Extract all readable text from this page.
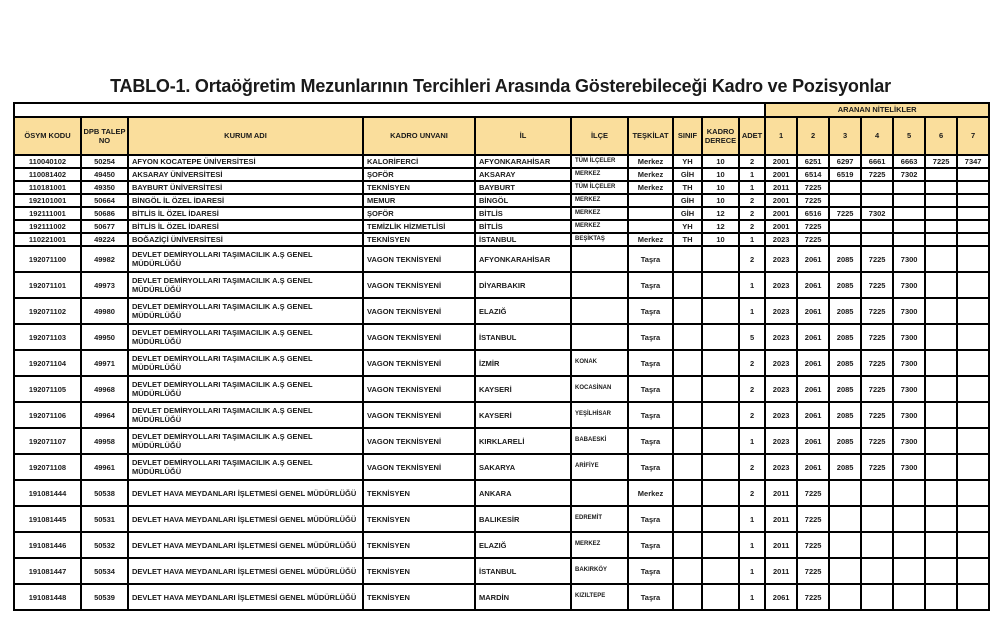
TABLO-1. Ortaöğretim Mezunlarının Tercihleri Arasında Gösterebileceği Kadro ve Pozisyonlar
										ARANAN NİTELİKLER						
ÖSYM KODU	DPB TALEP NO	KURUM ADI	KADRO UNVANI	İL	İLÇE	TEŞKİLAT	SINIF	KADRO DERECE	ADET	1	2	3	4	5	6	7
110040102	50254	AFYON KOCATEPE ÜNİVERSİTESİ	KALORİFERCİ	AFYONKARAHİSAR	TÜM İLÇELER	Merkez	YH	10	2	2001	6251	6297	6661	6663	7225	7347
110081402	49450	AKSARAY ÜNİVERSİTESİ	ŞOFÖR	AKSARAY	MERKEZ	Merkez	GİH	10	1	2001	6514	6519	7225	7302		
110181001	49350	BAYBURT ÜNİVERSİTESİ	TEKNİSYEN	BAYBURT	TÜM İLÇELER	Merkez	TH	10	1	2011	7225					
192101001	50664	BİNGÖL İL ÖZEL İDARESİ	MEMUR	BİNGÖL	MERKEZ		GİH	10	2	2001	7225					
192111001	50686	BİTLİS İL ÖZEL İDARESİ	ŞOFÖR	BİTLİS	MERKEZ		GİH	12	2	2001	6516	7225	7302			
192111002	50677	BİTLİS İL ÖZEL İDARESİ	TEMİZLİK HİZMETLİSİ	BİTLİS	MERKEZ		YH	12	2	2001	7225					
110221001	49224	BOĞAZİÇİ ÜNİVERSİTESİ	TEKNİSYEN	İSTANBUL	BEŞİKTAŞ	Merkez	TH	10	1	2023	7225					
192071100	49982	DEVLET DEMİRYOLLARI TAŞIMACILIK A.Ş GENEL MÜDÜRLÜĞÜ	VAGON TEKNİSYENİ	AFYONKARAHİSAR		Taşra			2	2023	2061	2085	7225	7300		
192071101	49973	DEVLET DEMİRYOLLARI TAŞIMACILIK A.Ş GENEL MÜDÜRLÜĞÜ	VAGON TEKNİSYENİ	DİYARBAKIR		Taşra			1	2023	2061	2085	7225	7300		
192071102	49980	DEVLET DEMİRYOLLARI TAŞIMACILIK A.Ş GENEL MÜDÜRLÜĞÜ	VAGON TEKNİSYENİ	ELAZIĞ		Taşra			1	2023	2061	2085	7225	7300		
192071103	49950	DEVLET DEMİRYOLLARI TAŞIMACILIK A.Ş GENEL MÜDÜRLÜĞÜ	VAGON TEKNİSYENİ	İSTANBUL		Taşra			5	2023	2061	2085	7225	7300		
192071104	49971	DEVLET DEMİRYOLLARI TAŞIMACILIK A.Ş GENEL MÜDÜRLÜĞÜ	VAGON TEKNİSYENİ	İZMİR	KONAK	Taşra			2	2023	2061	2085	7225	7300		
192071105	49968	DEVLET DEMİRYOLLARI TAŞIMACILIK A.Ş GENEL MÜDÜRLÜĞÜ	VAGON TEKNİSYENİ	KAYSERİ	KOCASİNAN	Taşra			2	2023	2061	2085	7225	7300		
192071106	49964	DEVLET DEMİRYOLLARI TAŞIMACILIK A.Ş GENEL MÜDÜRLÜĞÜ	VAGON TEKNİSYENİ	KAYSERİ	YEŞİLHİSAR	Taşra			2	2023	2061	2085	7225	7300		
192071107	49958	DEVLET DEMİRYOLLARI TAŞIMACILIK A.Ş GENEL MÜDÜRLÜĞÜ	VAGON TEKNİSYENİ	KIRKLARELİ	BABAESKİ	Taşra			1	2023	2061	2085	7225	7300		
192071108	49961	DEVLET DEMİRYOLLARI TAŞIMACILIK A.Ş GENEL MÜDÜRLÜĞÜ	VAGON TEKNİSYENİ	SAKARYA	ARİFİYE	Taşra			2	2023	2061	2085	7225	7300		
191081444	50538	DEVLET HAVA MEYDANLARI İŞLETMESİ GENEL MÜDÜRLÜĞÜ	TEKNİSYEN	ANKARA		Merkez			2	2011	7225					
191081445	50531	DEVLET HAVA MEYDANLARI İŞLETMESİ GENEL MÜDÜRLÜĞÜ	TEKNİSYEN	BALIKESİR	EDREMİT	Taşra			1	2011	7225					
191081446	50532	DEVLET HAVA MEYDANLARI İŞLETMESİ GENEL MÜDÜRLÜĞÜ	TEKNİSYEN	ELAZIĞ	MERKEZ	Taşra			1	2011	7225					
191081447	50534	DEVLET HAVA MEYDANLARI İŞLETMESİ GENEL MÜDÜRLÜĞÜ	TEKNİSYEN	İSTANBUL	BAKIRKÖY	Taşra			1	2011	7225					
191081448	50539	DEVLET HAVA MEYDANLARI İŞLETMESİ GENEL MÜDÜRLÜĞÜ	TEKNİSYEN	MARDİN	KIZILTEPE	Taşra			1	2061	7225					
